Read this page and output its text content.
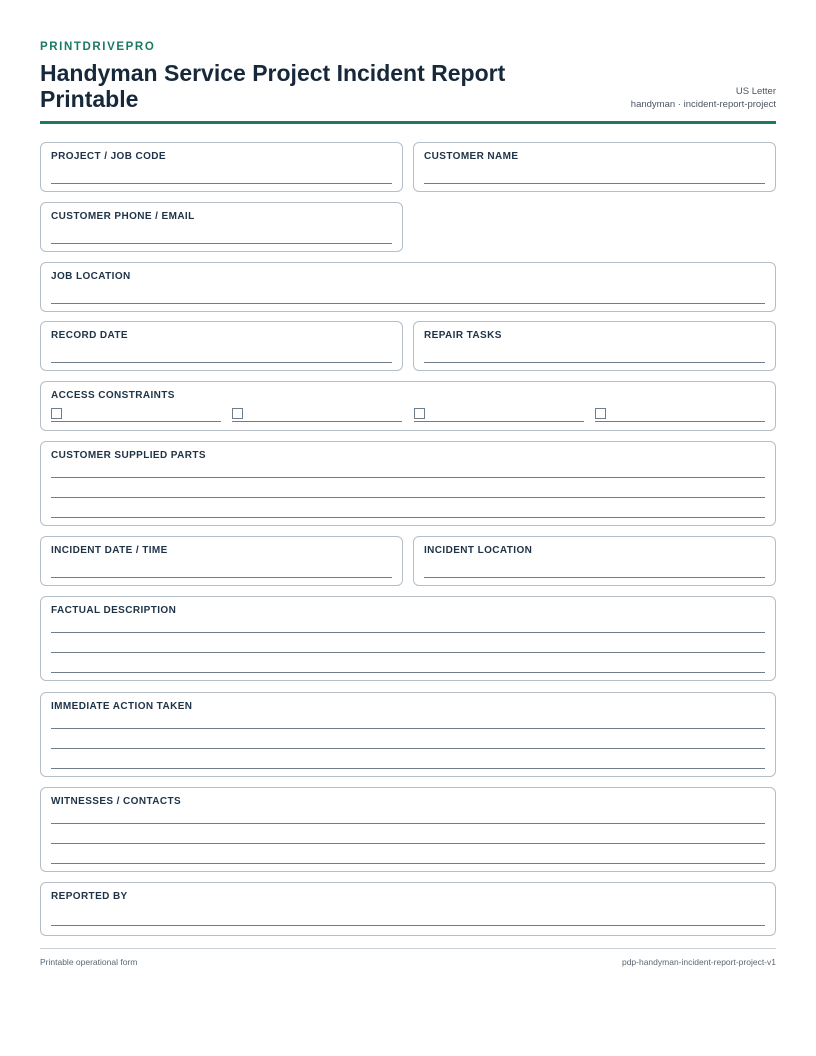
PRINTDRIVEPRO
Handyman Service Project Incident Report Printable	US Letter
handyman · incident-report-project
PROJECT / JOB CODE	CUSTOMER NAME
CUSTOMER PHONE / EMAIL
JOB LOCATION
RECORD DATE	REPAIR TASKS
ACCESS CONSTRAINTS
CUSTOMER SUPPLIED PARTS
INCIDENT DATE / TIME	INCIDENT LOCATION
FACTUAL DESCRIPTION
IMMEDIATE ACTION TAKEN
WITNESSES / CONTACTS
REPORTED BY
Printable operational form	pdp-handyman-incident-report-project-v1
